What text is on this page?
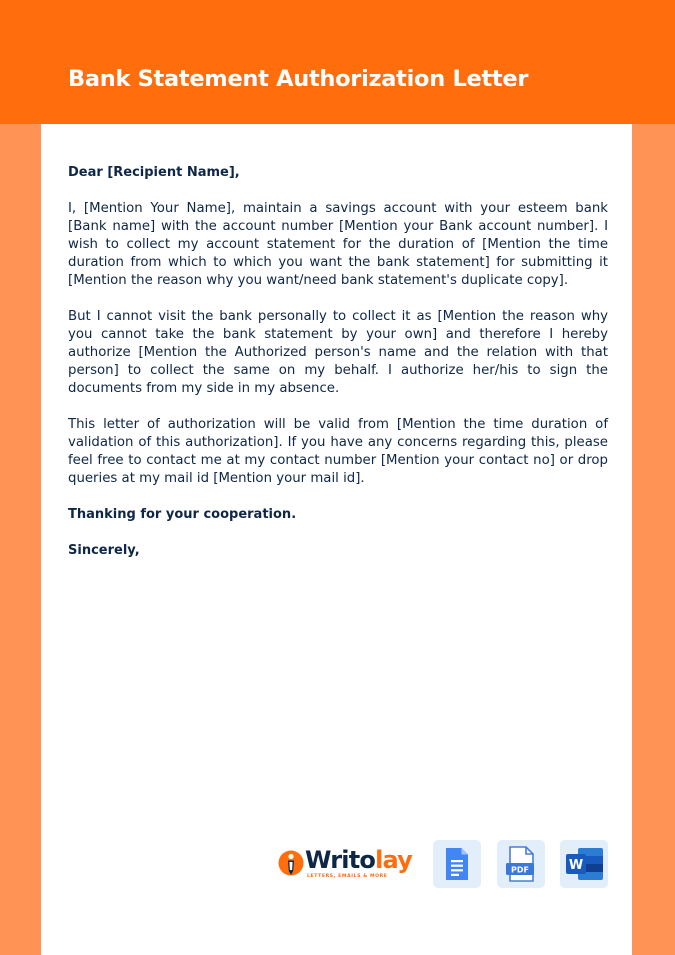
Bank Statement Authorization Letter

Dear [Recipient Name],

I, [Mention Your Name], maintain a savings account with your esteem bank [Bank name] with the account number [Mention your Bank account number]. I wish to collect my account statement for the duration of [Mention the time duration from which to which you want the bank statement] for submitting it [Mention the reason why you want/need bank statement's duplicate copy].

But I cannot visit the bank personally to collect it as [Mention the reason why you cannot take the bank statement by your own] and therefore I hereby authorize [Mention the Authorized person's name and the relation with that person] to collect the same on my behalf. I authorize her/his to sign the documents from my side in my absence.

This letter of authorization will be valid from [Mention the time duration of validation of this authorization]. If you have any concerns regarding this, please feel free to contact me at my contact number [Mention your contact no] or drop queries at my mail id [Mention your mail id].

Thanking for your cooperation.

Sincerely,

Writolay
LETTERS, EMAILS & MORE
PDF	W
